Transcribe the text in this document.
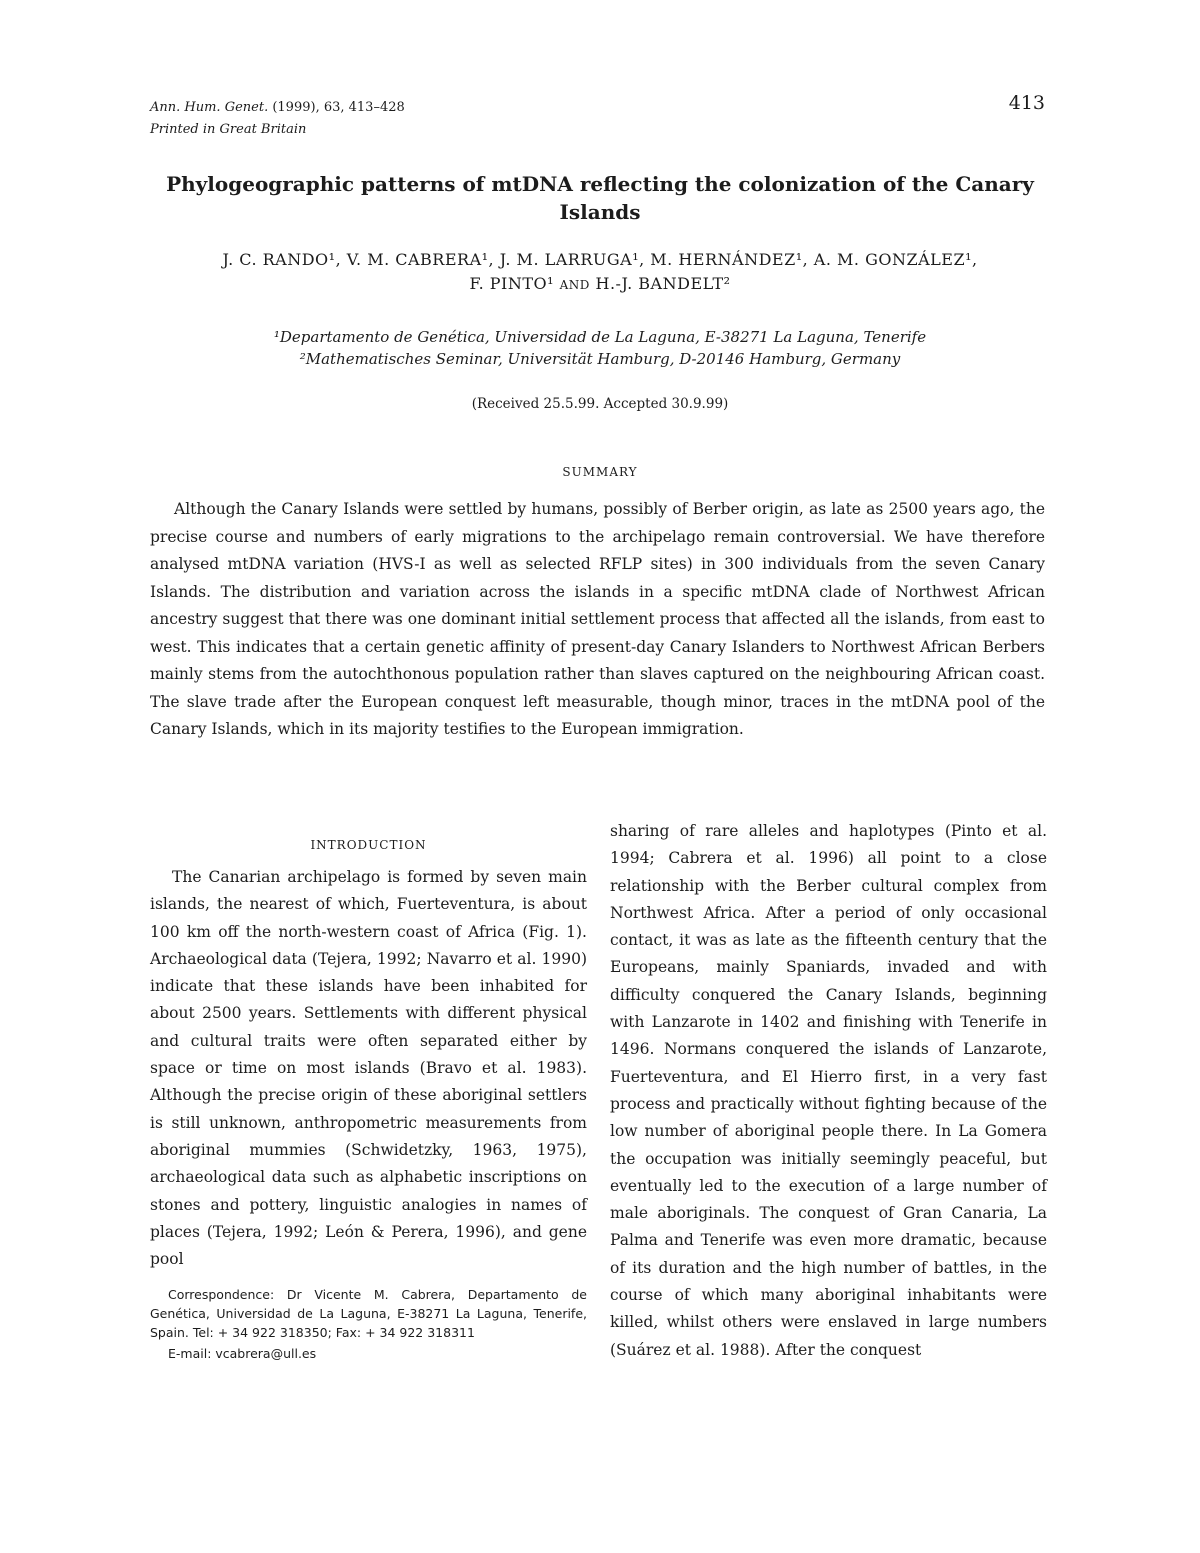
Ann. Hum. Genet. (1999), 63, 413–428
Printed in Great Britain
413
Phylogeographic patterns of mtDNA reflecting the colonization of the Canary Islands
J. C. RANDO¹, V. M. CABRERA¹, J. M. LARRUGA¹, M. HERNÁNDEZ¹, A. M. GONZÁLEZ¹,
F. PINTO¹ AND H.-J. BANDELT²
¹Departamento de Genética, Universidad de La Laguna, E-38271 La Laguna, Tenerife
²Mathematisches Seminar, Universität Hamburg, D-20146 Hamburg, Germany
(Received 25.5.99. Accepted 30.9.99)
SUMMARY

Although the Canary Islands were settled by humans, possibly of Berber origin, as late as 2500 years ago, the precise course and numbers of early migrations to the archipelago remain controversial. We have therefore analysed mtDNA variation (HVS-I as well as selected RFLP sites) in 300 individuals from the seven Canary Islands. The distribution and variation across the islands in a specific mtDNA clade of Northwest African ancestry suggest that there was one dominant initial settlement process that affected all the islands, from east to west. This indicates that a certain genetic affinity of present-day Canary Islanders to Northwest African Berbers mainly stems from the autochthonous population rather than slaves captured on the neighbouring African coast. The slave trade after the European conquest left measurable, though minor, traces in the mtDNA pool of the Canary Islands, which in its majority testifies to the European immigration.

INTRODUCTION

The Canarian archipelago is formed by seven main islands, the nearest of which, Fuerteventura, is about 100 km off the north-western coast of Africa (Fig. 1). Archaeological data (Tejera, 1992; Navarro et al. 1990) indicate that these islands have been inhabited for about 2500 years. Settlements with different physical and cultural traits were often separated either by space or time on most islands (Bravo et al. 1983). Although the precise origin of these aboriginal settlers is still unknown, anthropometric measurements from aboriginal mummies (Schwidetzky, 1963, 1975), archaeological data such as alphabetic inscriptions on stones and pottery, linguistic analogies in names of places (Tejera, 1992; León & Perera, 1996), and gene pool

Correspondence: Dr Vicente M. Cabrera, Departamento de Genética, Universidad de La Laguna, E-38271 La Laguna, Tenerife, Spain. Tel: + 34 922 318350; Fax: + 34 922 318311

E-mail: vcabrera@ull.es

sharing of rare alleles and haplotypes (Pinto et al. 1994; Cabrera et al. 1996) all point to a close relationship with the Berber cultural complex from Northwest Africa. After a period of only occasional contact, it was as late as the fifteenth century that the Europeans, mainly Spaniards, invaded and with difficulty conquered the Canary Islands, beginning with Lanzarote in 1402 and finishing with Tenerife in 1496. Normans conquered the islands of Lanzarote, Fuerteventura, and El Hierro first, in a very fast process and practically without fighting because of the low number of aboriginal people there. In La Gomera the occupation was initially seemingly peaceful, but eventually led to the execution of a large number of male aboriginals. The conquest of Gran Canaria, La Palma and Tenerife was even more dramatic, because of its duration and the high number of battles, in the course of which many aboriginal inhabitants were killed, whilst others were enslaved in large numbers (Suárez et al. 1988). After the conquest
